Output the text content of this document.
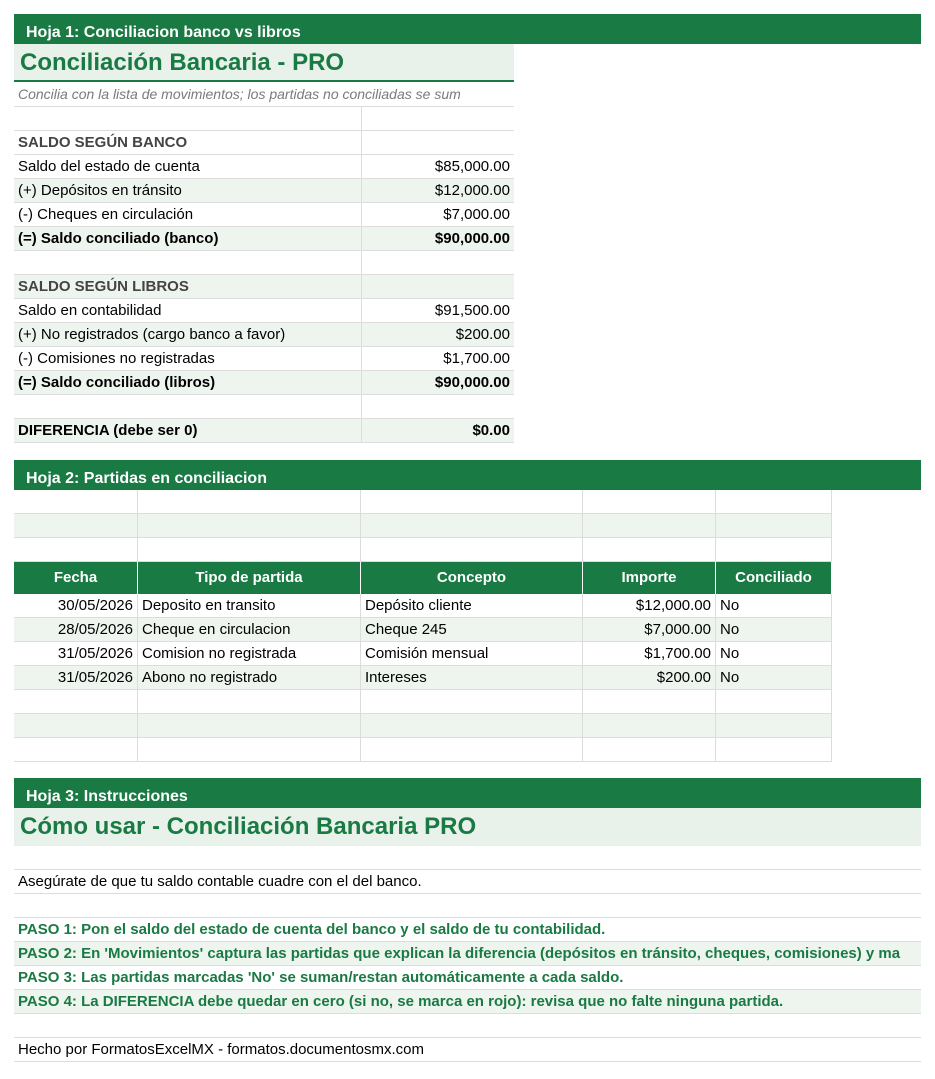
Hoja 1: Conciliacion banco vs libros
Conciliación Bancaria - PRO
Concilia con la lista de movimientos; los partidas no conciliadas se sum
SALDO SEGÚN BANCO
Saldo del estado de cuenta	$85,000.00
(+) Depósitos en tránsito	$12,000.00
(-) Cheques en circulación	$7,000.00
(=) Saldo conciliado (banco)	$90,000.00
SALDO SEGÚN LIBROS
Saldo en contabilidad	$91,500.00
(+) No registrados (cargo banco a favor)	$200.00
(-) Comisiones no registradas	$1,700.00
(=) Saldo conciliado (libros)	$90,000.00
DIFERENCIA (debe ser 0)	$0.00
Hoja 2: Partidas en conciliacion
Fecha	Tipo de partida	Concepto	Importe	Conciliado
30/05/2026 Deposito en transito	Depósito cliente	$12,000.00 No
28/05/2026 Cheque en circulacion	Cheque 245	$7,000.00 No
31/05/2026 Comision no registrada	Comisión mensual	$1,700.00 No
31/05/2026 Abono no registrado	Intereses	$200.00 No
Hoja 3: Instrucciones
Cómo usar - Conciliación Bancaria PRO
Asegúrate de que tu saldo contable cuadre con el del banco.
PASO 1: Pon el saldo del estado de cuenta del banco y el saldo de tu contabilidad.
PASO 2: En 'Movimientos' captura las partidas que explican la diferencia (depósitos en tránsito, cheques, comisiones) y ma
PASO 3: Las partidas marcadas 'No' se suman/restan automáticamente a cada saldo.
PASO 4: La DIFERENCIA debe quedar en cero (si no, se marca en rojo): revisa que no falte ninguna partida.
Hecho por FormatosExcelMX - formatos.documentosmx.com
